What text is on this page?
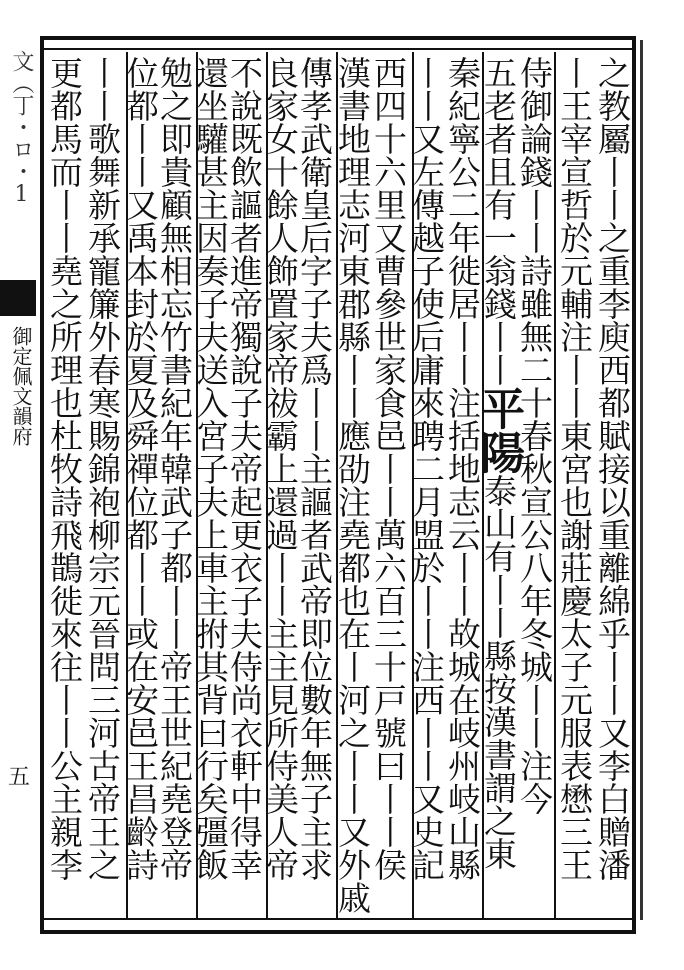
文（丁・ロ・1
御定佩文韻府
五	之教屬丨丨之重李庾西都賦接以重離綿乎丨丨又李白贈潘
丨王宰宣哲於元輔注丨丨東宮也謝莊慶太子元服表懋三王
侍御論錢丨丨詩雖無二十春秋宣公八年冬城丨丨注今
五老者且有一翁錢丨丨平陽泰山有丨丨縣按漢書謂之東
秦紀寧公二年徙居丨丨注括地志云丨丨故城在岐州岐山縣
丨丨又左傳越子使后庸來聘二月盟於丨丨注西丨丨又史記
西四十六里又曹參世家食邑丨丨萬六百三十戸號曰丨丨侯
漢書地理志河東郡縣丨丨應劭注堯都也在丨河之丨丨又外戚
傳孝武衛皇后字子夫爲丨丨主謳者武帝即位數年無子主求
良家女十餘人飾置家帝祓霸上還過丨丨主主見所侍美人帝
不說既飲謳者進帝獨說子夫帝起更衣子夫侍尚衣軒中得幸
還坐驩甚主因奏子夫送入宮子夫上車主拊其背曰行矣彊飯
勉之即貴顧無相忘竹書紀年韓武子都丨丨帝王世紀堯登帝
位都丨丨又禹本封於夏及舜禪位都丨丨或在安邑王昌齡詩
丨丨歌舞新承寵簾外春寒賜錦袍柳宗元晉問三河古帝王之
更都馬而丨丨堯之所理也杜牧詩飛鵲徙來往丨丨公主親李
